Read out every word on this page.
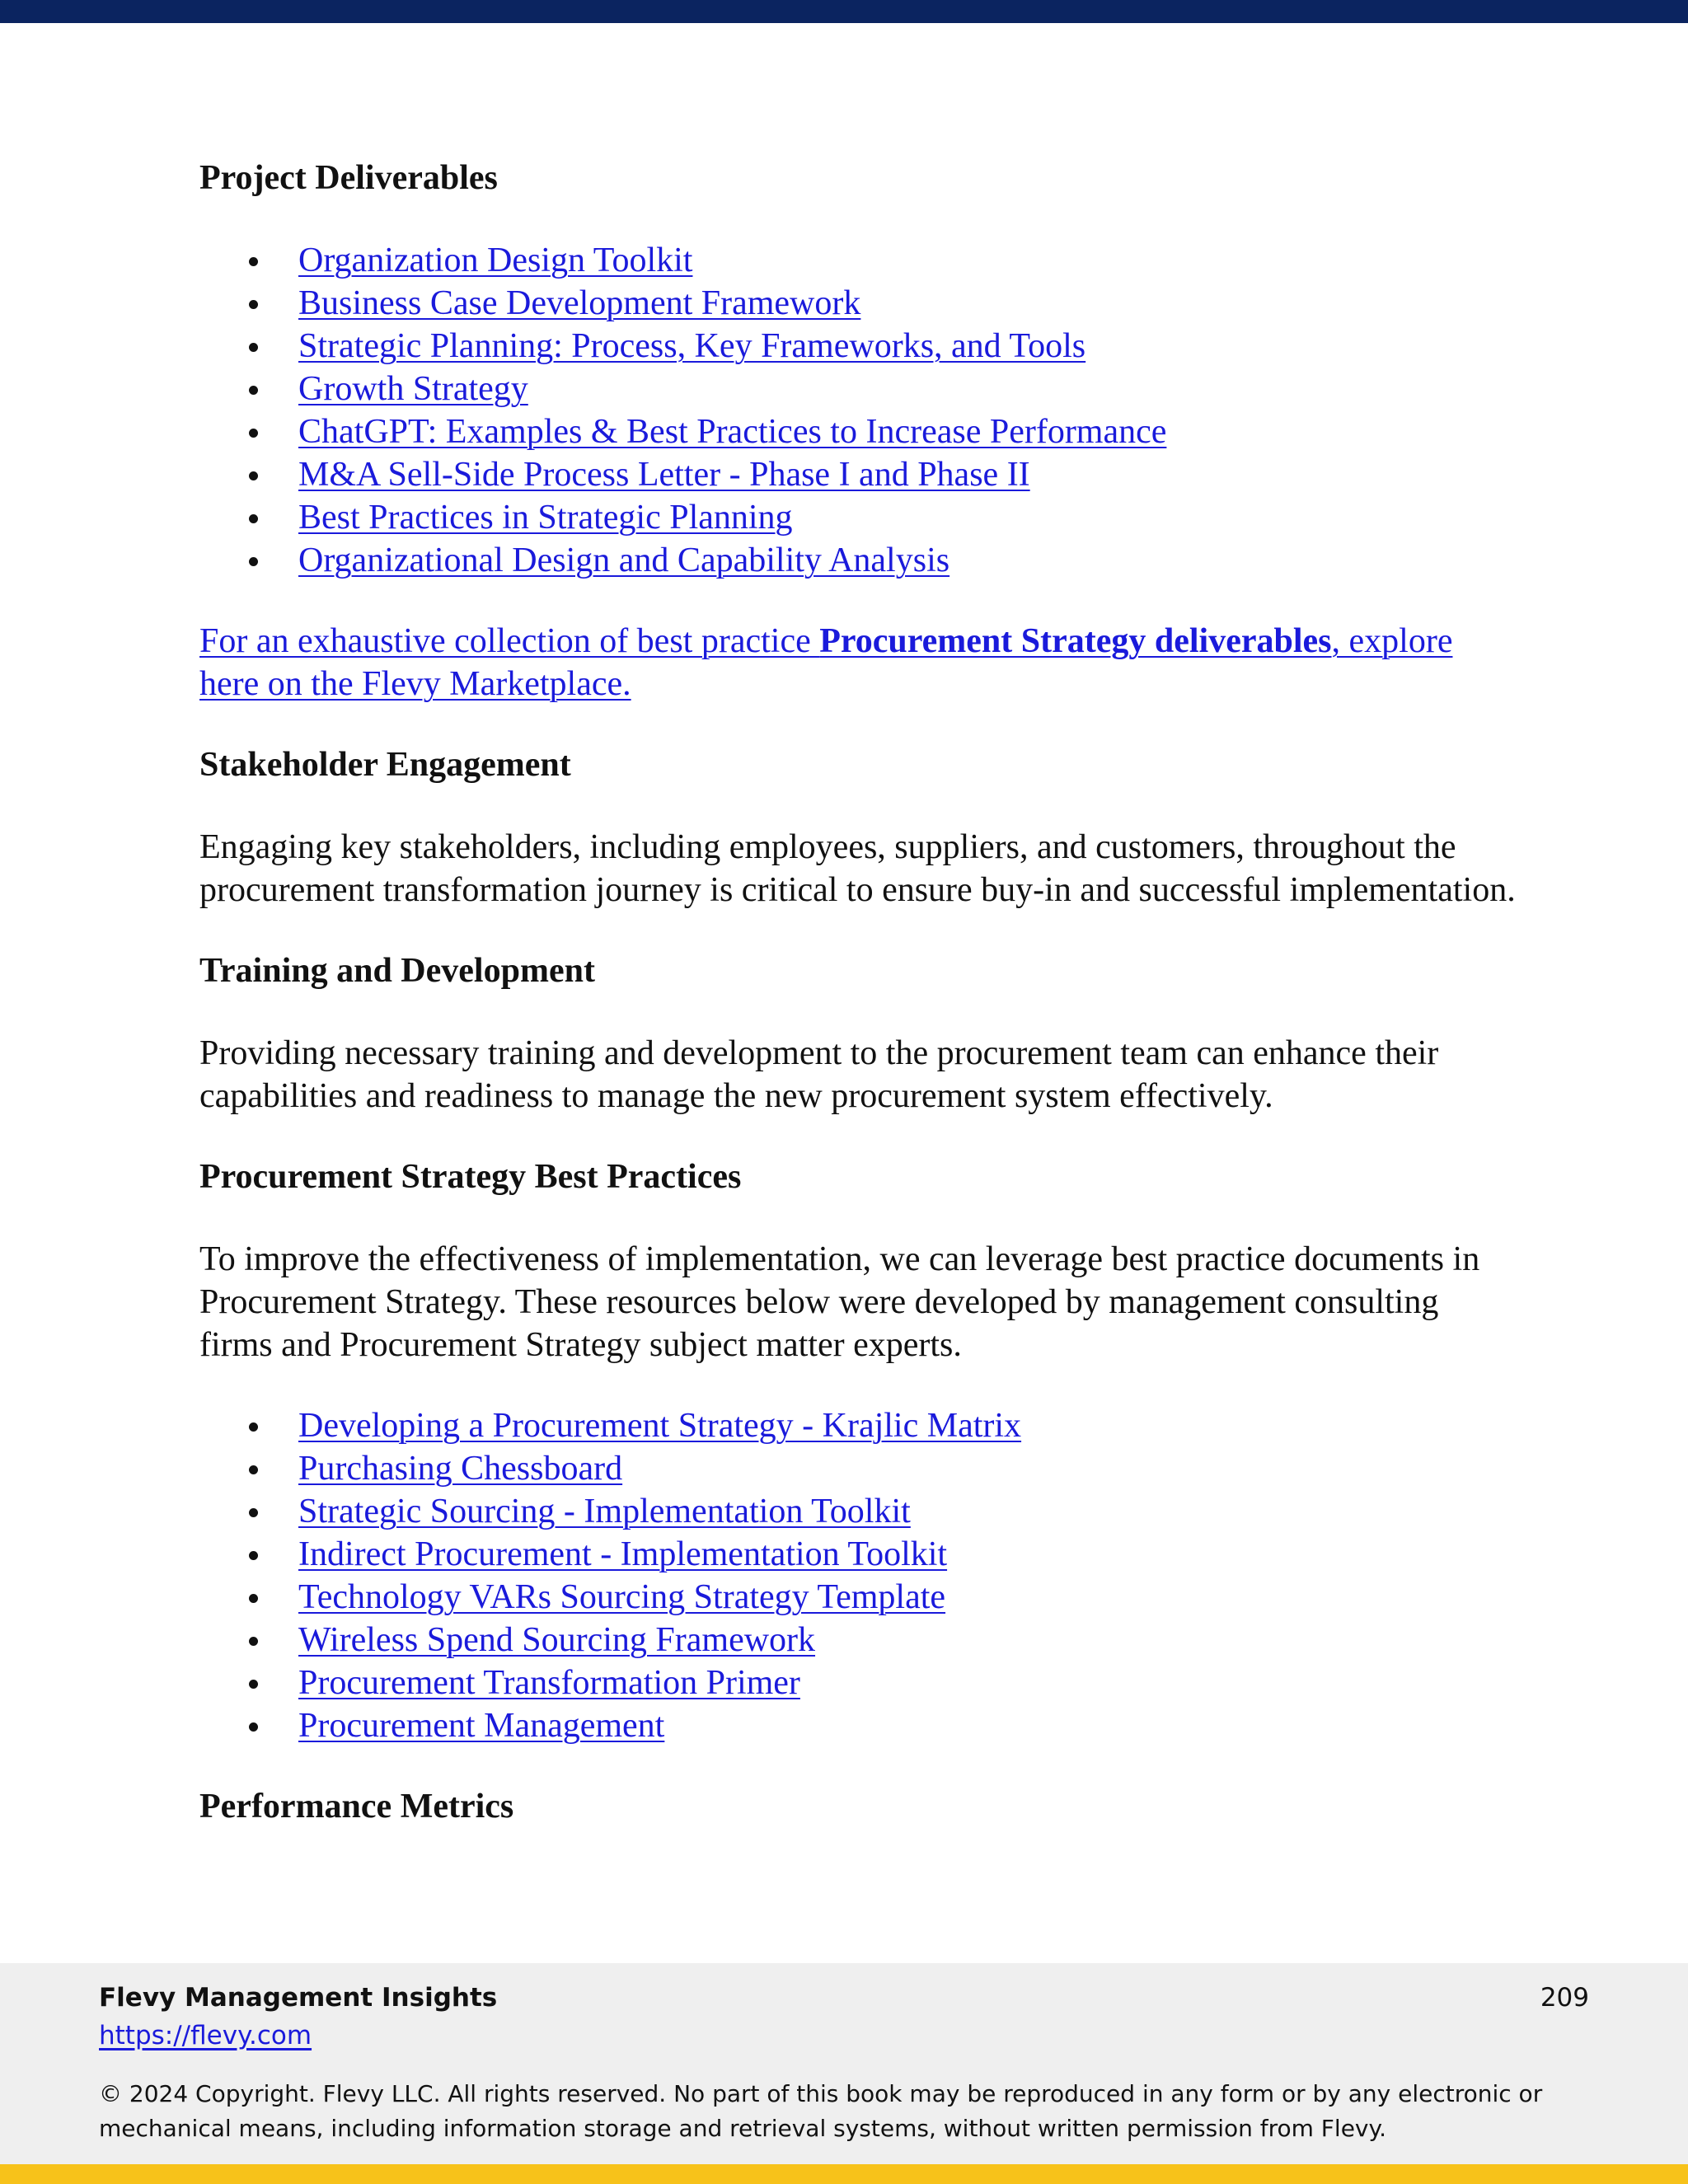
Project Deliverables
Organization Design Toolkit
Business Case Development Framework
Strategic Planning: Process, Key Frameworks, and Tools
Growth Strategy
ChatGPT: Examples & Best Practices to Increase Performance
M&A Sell-Side Process Letter - Phase I and Phase II
Best Practices in Strategic Planning
Organizational Design and Capability Analysis
For an exhaustive collection of best practice Procurement Strategy deliverables, explore here on the Flevy Marketplace.
Stakeholder Engagement

Engaging key stakeholders, including employees, suppliers, and customers, throughout the procurement transformation journey is critical to ensure buy-in and successful implementation.

Training and Development

Providing necessary training and development to the procurement team can enhance their capabilities and readiness to manage the new procurement system effectively.

Procurement Strategy Best Practices

To improve the effectiveness of implementation, we can leverage best practice documents in Procurement Strategy. These resources below were developed by management consulting firms and Procurement Strategy subject matter experts.

Developing a Procurement Strategy - Krajlic Matrix
Purchasing Chessboard
Strategic Sourcing - Implementation Toolkit
Indirect Procurement - Implementation Toolkit
Technology VARs Sourcing Strategy Template
Wireless Spend Sourcing Framework
Procurement Transformation Primer
Procurement Management
Performance Metrics
Flevy Management Insights
https://flevy.com
209
© 2024 Copyright. Flevy LLC. All rights reserved. No part of this book may be reproduced in any form or by any electronic or mechanical means, including information storage and retrieval systems, without written permission from Flevy.
